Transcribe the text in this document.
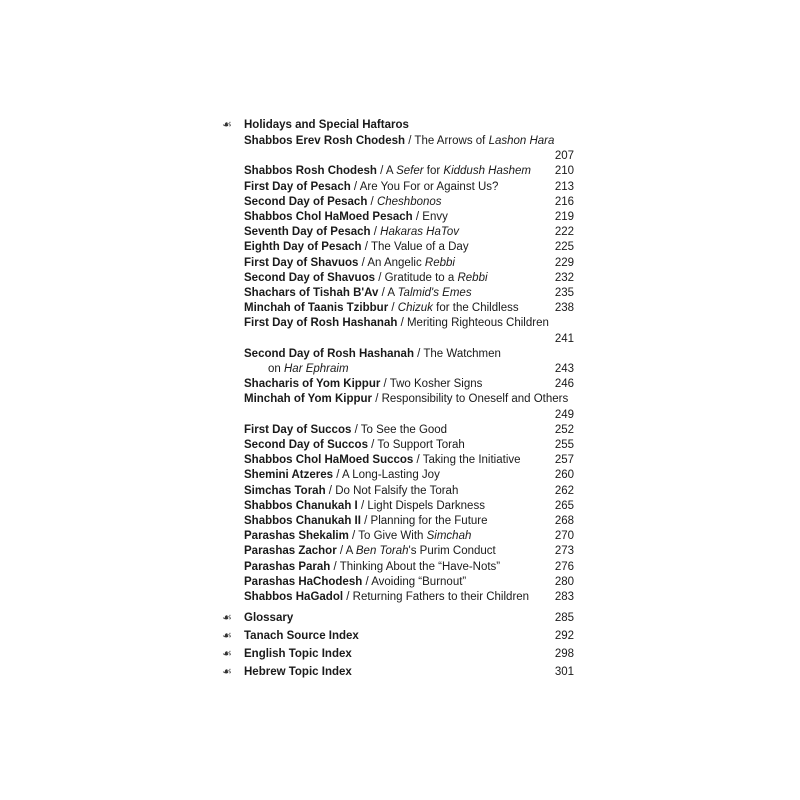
☙	Holidays and Special Haftaros
Shabbos Erev Rosh Chodesh / The Arrows of Lashon Hara
207
Shabbos Rosh Chodesh / A Sefer for Kiddush Hashem	210
First Day of Pesach / Are You For or Against Us?	213
Second Day of Pesach / Cheshbonos	216
Shabbos Chol HaMoed Pesach / Envy	219
Seventh Day of Pesach / Hakaras HaTov	222
Eighth Day of Pesach / The Value of a Day	225
First Day of Shavuos / An Angelic Rebbi	229
Second Day of Shavuos / Gratitude to a Rebbi	232
Shachars of Tishah B'Av / A Talmid's Emes	235
Minchah of Taanis Tzibbur / Chizuk for the Childless	238
First Day of Rosh Hashanah / Meriting Righteous Children
241
Second Day of Rosh Hashanah / The Watchmen
on Har Ephraim	243
Shacharis of Yom Kippur / Two Kosher Signs	246
Minchah of Yom Kippur / Responsibility to Oneself and Others
249
First Day of Succos / To See the Good	252
Second Day of Succos / To Support Torah	255
Shabbos Chol HaMoed Succos / Taking the Initiative	257
Shemini Atzeres / A Long-Lasting Joy	260
Simchas Torah / Do Not Falsify the Torah	262
Shabbos Chanukah I / Light Dispels Darkness	265
Shabbos Chanukah II / Planning for the Future	268
Parashas Shekalim / To Give With Simchah	270
Parashas Zachor / A Ben Torah's Purim Conduct	273
Parashas Parah / Thinking About the “Have-Nots”	276
Parashas HaChodesh / Avoiding “Burnout”	280
Shabbos HaGadol / Returning Fathers to their Children	283
☙	Glossary	285
☙	Tanach Source Index	292
☙	English Topic Index	298
☙	Hebrew Topic Index	301
